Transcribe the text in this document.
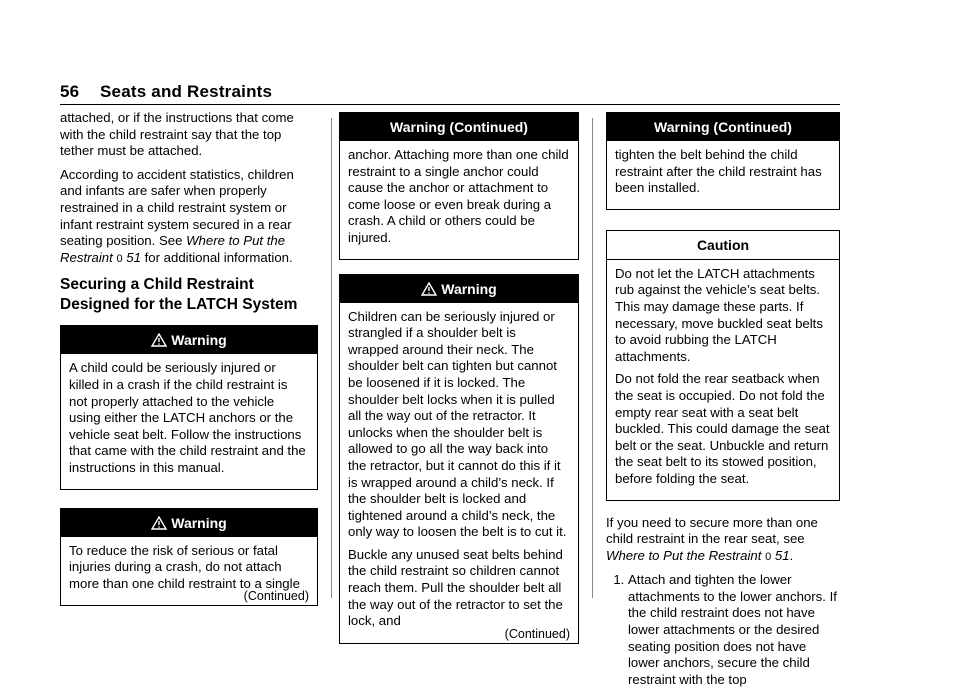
56 Seats and Restraints

attached, or if the instructions that come with the child restraint say that the top tether must be attached.

According to accident statistics, children and infants are safer when properly restrained in a child restraint system or infant restraint system secured in a rear seating position. See Where to Put the Restraint 0 51 for additional information.

Securing a Child Restraint Designed for the LATCH System
Warning

A child could be seriously injured or killed in a crash if the child restraint is not properly attached to the vehicle using either the LATCH anchors or the vehicle seat belt. Follow the instructions that came with the child restraint and the instructions in this manual.

Warning

To reduce the risk of serious or fatal injuries during a crash, do not attach more than one child restraint to a single

(Continued)
Warning (Continued)

anchor. Attaching more than one child restraint to a single anchor could cause the anchor or attachment to come loose or even break during a crash. A child or others could be injured.

Warning

Children can be seriously injured or strangled if a shoulder belt is wrapped around their neck. The shoulder belt can tighten but cannot be loosened if it is locked. The shoulder belt locks when it is pulled all the way out of the retractor. It unlocks when the shoulder belt is allowed to go all the way back into the retractor, but it cannot do this if it is wrapped around a child’s neck. If the shoulder belt is locked and tightened around a child’s neck, the only way to loosen the belt is to cut it.

Buckle any unused seat belts behind the child restraint so children cannot reach them. Pull the shoulder belt all the way out of the retractor to set the lock, and

(Continued)
Warning (Continued)

tighten the belt behind the child restraint after the child restraint has been installed.

Caution

Do not let the LATCH attachments rub against the vehicle’s seat belts. This may damage these parts. If necessary, move buckled seat belts to avoid rubbing the LATCH attachments.

Do not fold the rear seatback when the seat is occupied. Do not fold the empty rear seat with a seat belt buckled. This could damage the seat belt or the seat. Unbuckle and return the seat belt to its stowed position, before folding the seat.

If you need to secure more than one child restraint in the rear seat, see Where to Put the Restraint 0 51.

1. Attach and tighten the lower attachments to the lower anchors. If the child restraint does not have lower attachments or the desired seating position does not have lower anchors, secure the child restraint with the top
